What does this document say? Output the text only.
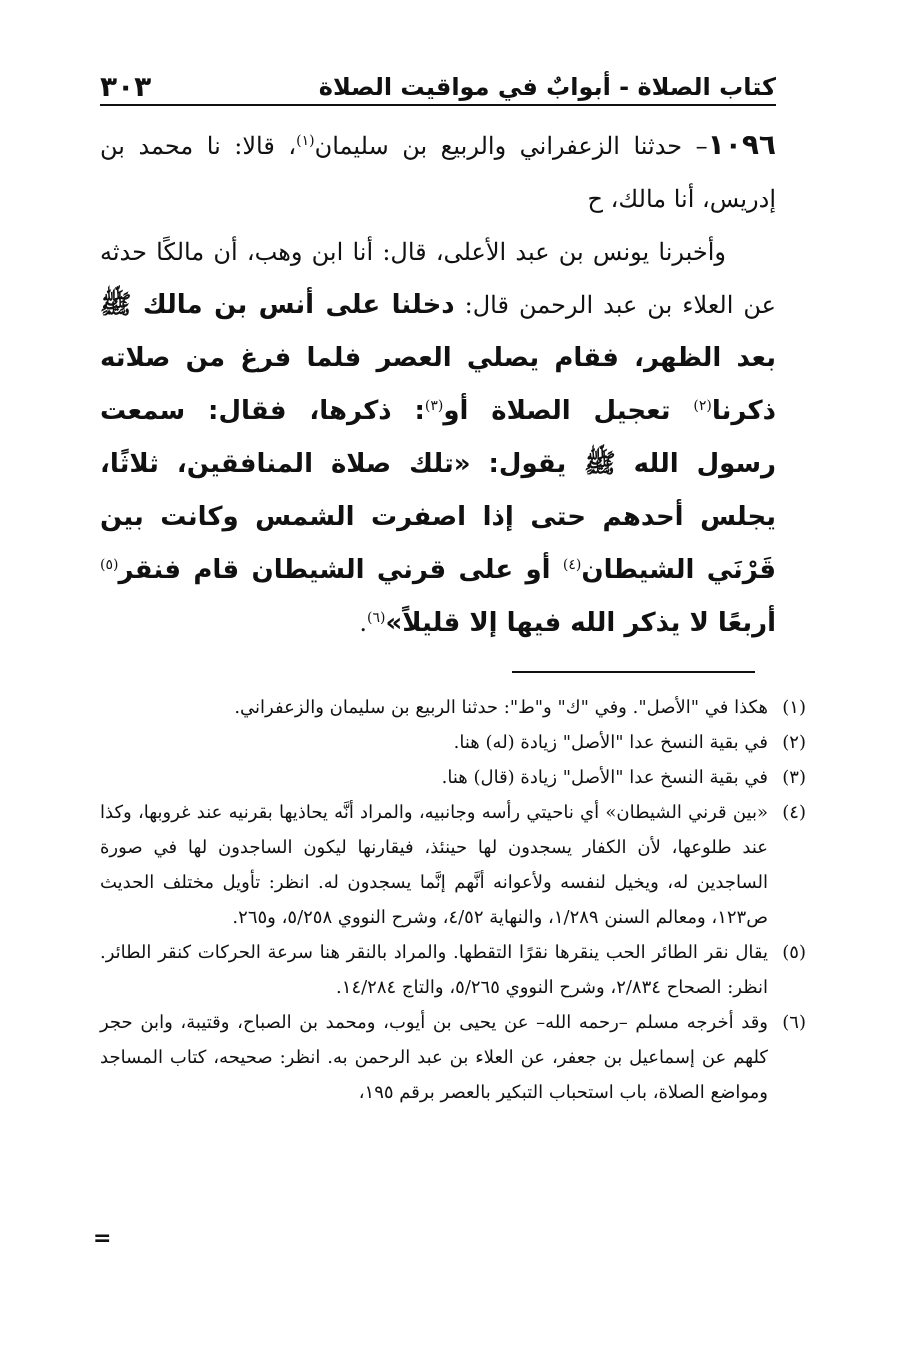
كتاب الصلاة - أبوابٌ في مواقيت الصلاة
٣٠٣

١٠٩٦– حدثنا الزعفراني والربيع بن سليمان$^{(١)}$، قالا: نا محمد بن إدريس، أنا مالك، ح

وأخبرنا يونس بن عبد الأعلى، قال: أنا ابن وهب، أن مالكًا حدثه عن العلاء بن عبد الرحمن قال: دخلنا على أنس بن مالك ﷺ بعد الظهر، فقام يصلي العصر فلما فرغ من صلاته ذكرنا$^{(٢)}$ تعجيل الصلاة أو$^{(٣)}$: ذكرها، فقال: سمعت رسول الله ﷺ يقول: «تلك صلاة المنافقين، ثلاثًا، يجلس أحدهم حتى إذا اصفرت الشمس وكانت بين قَرْنَي الشيطان$^{(٤)}$ أو على قرني الشيطان قام فنقر$^{(٥)}$ أربعًا لا يذكر الله فيها إلا قليلاً»$^{(٦)}$.

(١)
هكذا في "الأصل". وفي "ك" و"ط": حدثنا الربيع بن سليمان والزعفراني.
(٢)
في بقية النسخ عدا "الأصل" زيادة (له) هنا.
(٣)
في بقية النسخ عدا "الأصل" زيادة (قال) هنا.
(٤)
«بين قرني الشيطان» أي ناحيتي رأسه وجانبيه، والمراد أنَّه يحاذيها بقرنيه عند غروبها، وكذا عند طلوعها، لأن الكفار يسجدون لها حينئذ، فيقارنها ليكون الساجدون لها في صورة الساجدين له، ويخيل لنفسه ولأعوانه أنَّهم إنَّما يسجدون له. انظر: تأويل مختلف الحديث ص١٢٣، ومعالم السنن ١/٢٨٩، والنهاية ٤/٥٢، وشرح النووي ٥/٢٥٨، و٢٦٥.
(٥)
يقال نقر الطائر الحب ينقرها نقرًا التقطها. والمراد بالنقر هنا سرعة الحركات كنقر الطائر. انظر: الصحاح ٢/٨٣٤، وشرح النووي ٥/٢٦٥، والتاج ١٤/٢٨٤.
(٦)
وقد أخرجه مسلم –رحمه الله– عن يحيى بن أيوب، ومحمد بن الصباح، وقتيبة، وابن حجر كلهم عن إسماعيل بن جعفر، عن العلاء بن عبد الرحمن به. انظر: صحيحه، كتاب المساجد ومواضع الصلاة، باب استحباب التبكير بالعصر برقم ١٩٥،
=
